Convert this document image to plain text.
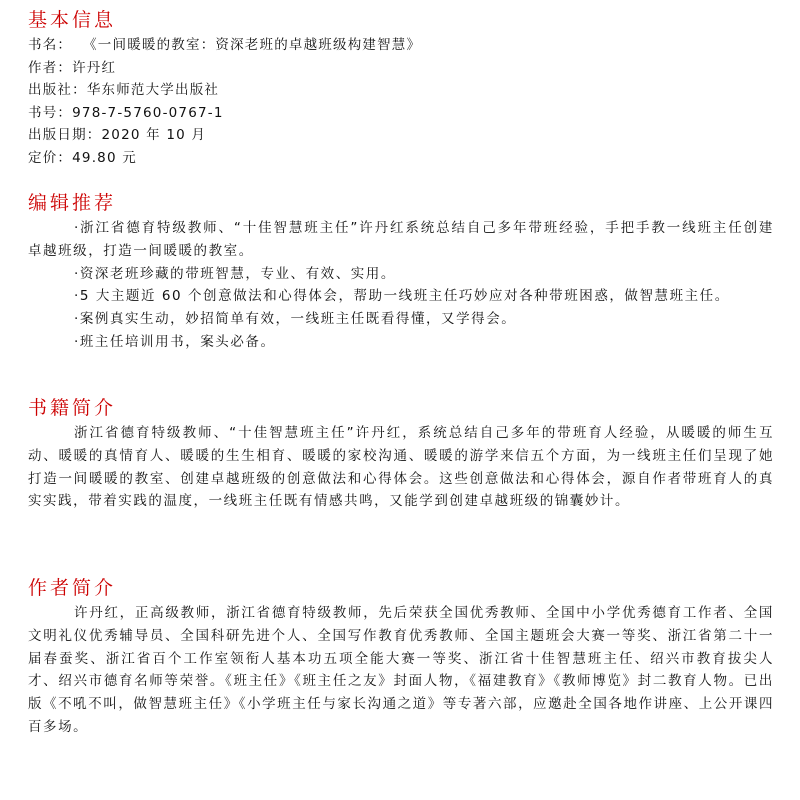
基本信息
书名： 《一间暖暖的教室：资深老班的卓越班级构建智慧》
作者：许丹红
出版社：华东师范大学出版社
书号：978-7-5760-0767-1
出版日期：2020 年 10 月
定价：49.80 元
编辑推荐

·浙江省德育特级教师、“十佳智慧班主任”许丹红系统总结自己多年带班经验，手把手教一线班主任创建卓越班级，打造一间暖暖的教室。

·资深老班珍藏的带班智慧，专业、有效、实用。

·5 大主题近 60 个创意做法和心得体会，帮助一线班主任巧妙应对各种带班困惑，做智慧班主任。

·案例真实生动，妙招简单有效，一线班主任既看得懂，又学得会。

·班主任培训用书，案头必备。

书籍简介

浙江省德育特级教师、“十佳智慧班主任”许丹红，系统总结自己多年的带班育人经验，从暖暖的师生互动、暖暖的真情育人、暖暖的生生相育、暖暖的家校沟通、暖暖的游学来信五个方面，为一线班主任们呈现了她打造一间暖暖的教室、创建卓越班级的创意做法和心得体会。这些创意做法和心得体会，源自作者带班育人的真实实践，带着实践的温度，一线班主任既有情感共鸣，又能学到创建卓越班级的锦囊妙计。

作者简介

许丹红，正高级教师，浙江省德育特级教师，先后荣获全国优秀教师、全国中小学优秀德育工作者、全国文明礼仪优秀辅导员、全国科研先进个人、全国写作教育优秀教师、全国主题班会大赛一等奖、浙江省第二十一届春蚕奖、浙江省百个工作室领衔人基本功五项全能大赛一等奖、浙江省十佳智慧班主任、绍兴市教育拔尖人才、绍兴市德育名师等荣誉。《班主任》《班主任之友》封面人物，《福建教育》《教师博览》封二教育人物。已出版《不吼不叫，做智慧班主任》《小学班主任与家长沟通之道》等专著六部，应邀赴全国各地作讲座、上公开课四百多场。
